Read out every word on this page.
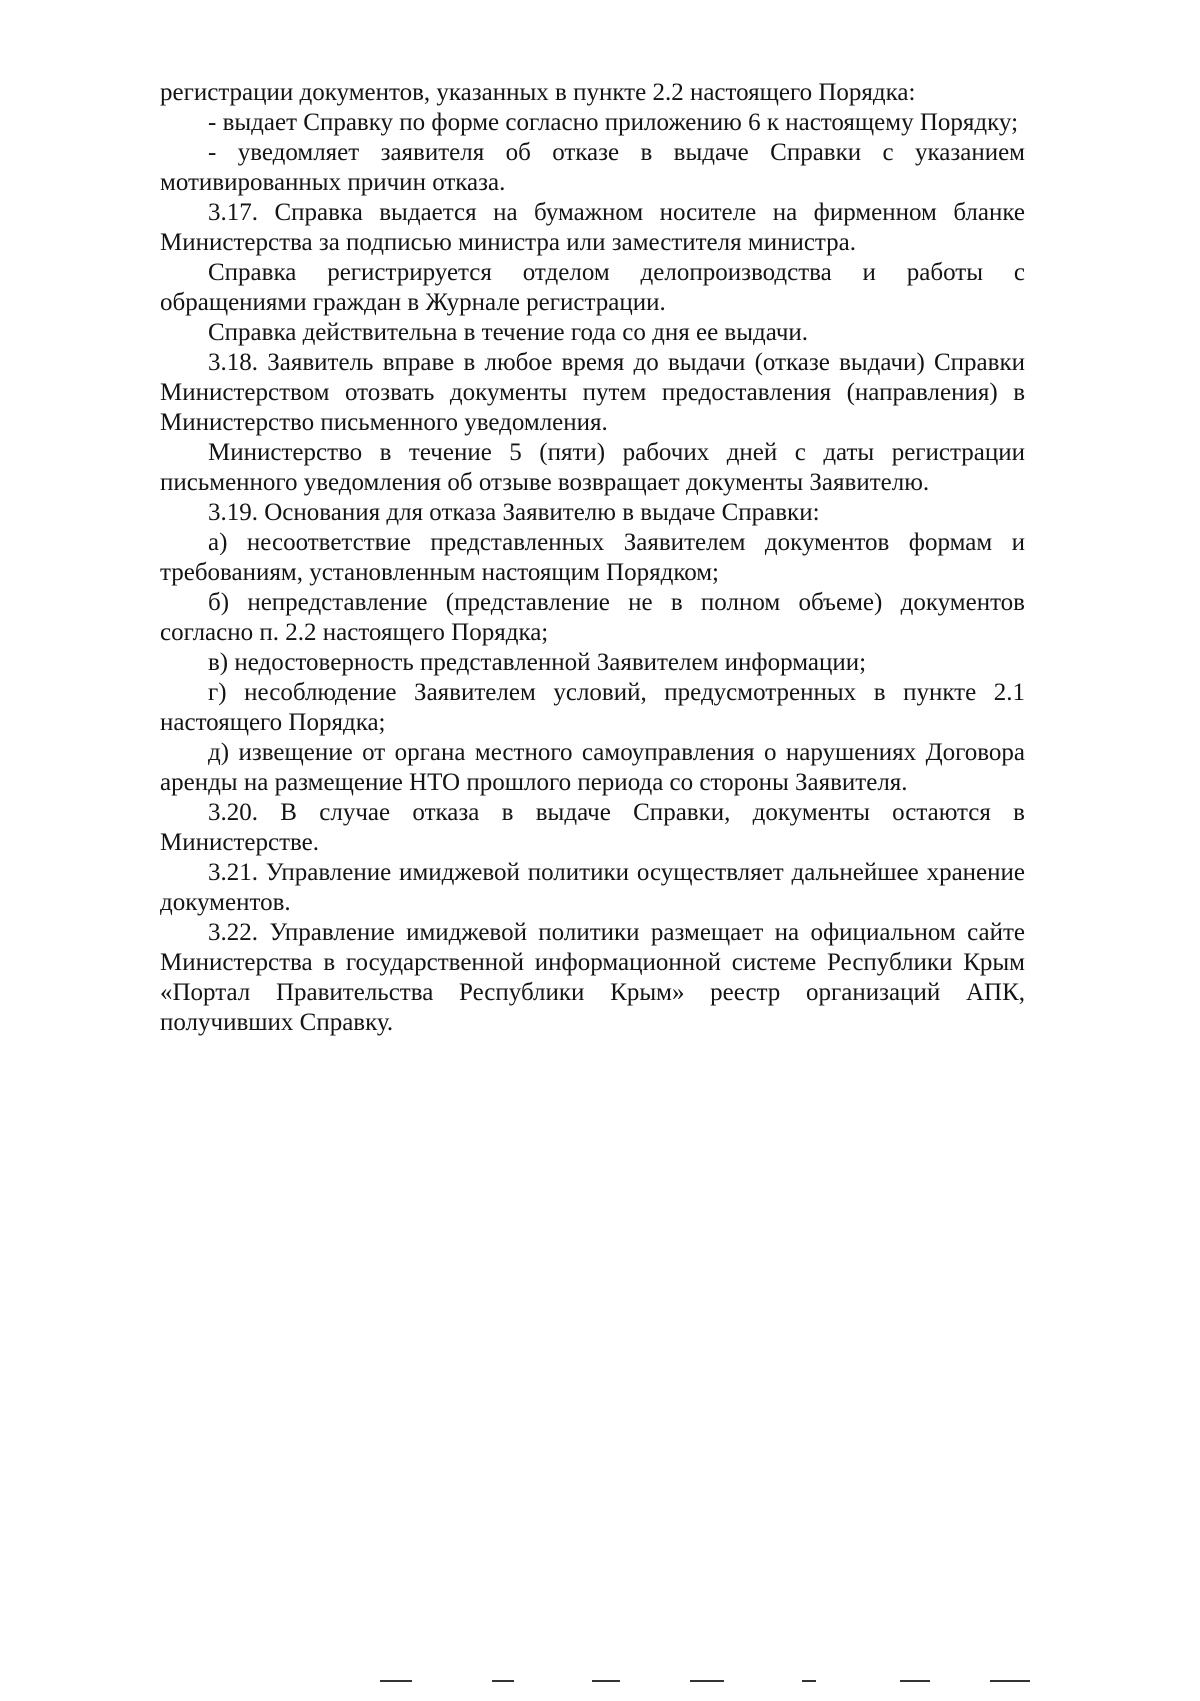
регистрации документов, указанных в пункте 2.2 настоящего Порядка:

- выдает Справку по форме согласно приложению 6 к настоящему Порядку;

- уведомляет заявителя об отказе в выдаче Справки с указанием мотивированных причин отказа.

3.17. Справка выдается на бумажном носителе на фирменном бланке Министерства за подписью министра или заместителя министра.

Справка регистрируется отделом делопроизводства и работы с обращениями граждан в Журнале регистрации.

Справка действительна в течение года со дня ее выдачи.

3.18. Заявитель вправе в любое время до выдачи (отказе выдачи) Справки Министерством отозвать документы путем предоставления (направления) в Министерство письменного уведомления.

Министерство в течение 5 (пяти) рабочих дней с даты регистрации письменного уведомления об отзыве возвращает документы Заявителю.

3.19. Основания для отказа Заявителю в выдаче Справки:

а) несоответствие представленных Заявителем документов формам и требованиям, установленным настоящим Порядком;

б) непредставление (представление не в полном объеме) документов согласно п. 2.2 настоящего Порядка;

в) недостоверность представленной Заявителем информации;

г) несоблюдение Заявителем условий, предусмотренных в пункте 2.1 настоящего Порядка;

д) извещение от органа местного самоуправления о нарушениях Договора аренды на размещение НТО прошлого периода со стороны Заявителя.

3.20. В случае отказа в выдаче Справки, документы остаются в Министерстве.

3.21. Управление имиджевой политики осуществляет дальнейшее хранение документов.

3.22. Управление имиджевой политики размещает на официальном сайте Министерства в государственной информационной системе Республики Крым «Портал Правительства Республики Крым» реестр организаций АПК, получивших Справку.
